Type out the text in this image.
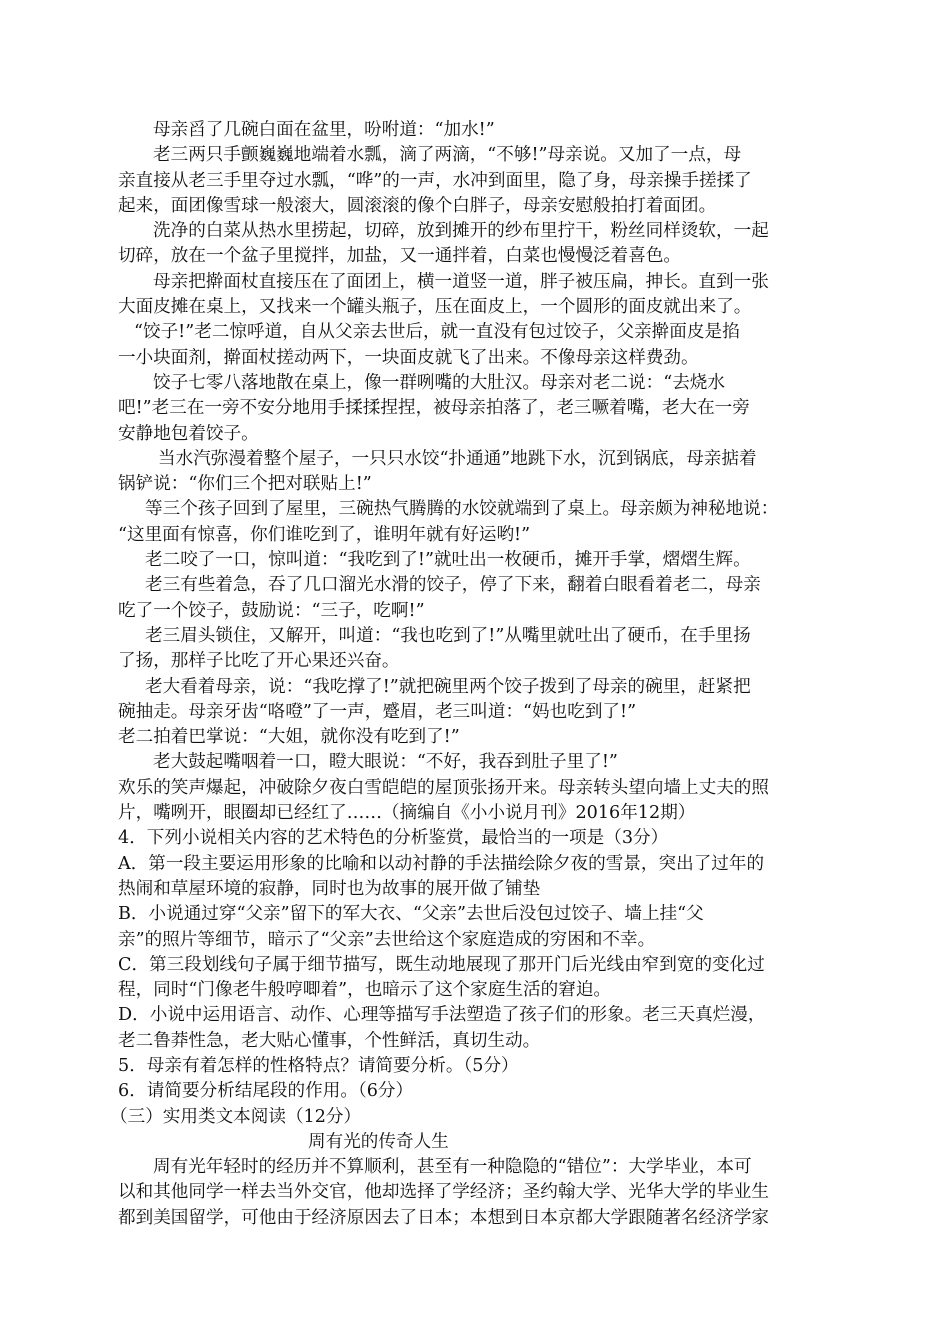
母亲舀了几碗白面在盆里，吩咐道：“加水!”
老三两只手颤巍巍地端着水瓢，滴了两滴，“不够!”母亲说。又加了一点，母
亲直接从老三手里夺过水瓢，“哗”的一声，水冲到面里，隐了身，母亲操手搓揉了
起来，面团像雪球一般滚大，圆滚滚的像个白胖子，母亲安慰般拍打着面团。
洗净的白菜从热水里捞起，切碎，放到摊开的纱布里拧干，粉丝同样烫软，一起
切碎，放在一个盆子里搅拌，加盐，又一通拌着，白菜也慢慢泛着喜色。
母亲把擀面杖直接压在了面团上，横一道竖一道，胖子被压扁，抻长。直到一张
大面皮摊在桌上，又找来一个罐头瓶子，压在面皮上，一个圆形的面皮就出来了。
“饺子!”老二惊呼道，自从父亲去世后，就一直没有包过饺子，父亲擀面皮是掐
一小块面剂，擀面杖搓动两下，一块面皮就飞了出来。不像母亲这样费劲。
饺子七零八落地散在桌上，像一群咧嘴的大肚汉。母亲对老二说：“去烧水
吧!”老三在一旁不安分地用手揉揉捏捏，被母亲拍落了，老三噘着嘴，老大在一旁
安静地包着饺子。
当水汽弥漫着整个屋子，一只只水饺“扑通通”地跳下水，沉到锅底，母亲掂着
锅铲说：“你们三个把对联贴上!”
等三个孩子回到了屋里，三碗热气腾腾的水饺就端到了桌上。母亲颇为神秘地说：
“这里面有惊喜，你们谁吃到了，谁明年就有好运哟!”
老二咬了一口，惊叫道：“我吃到了!”就吐出一枚硬币，摊开手掌，熠熠生辉。
老三有些着急，吞了几口溜光水滑的饺子，停了下来，翻着白眼看着老二，母亲
吃了一个饺子，鼓励说：“三子，吃啊!”
老三眉头锁住，又解开，叫道：“我也吃到了!”从嘴里就吐出了硬币，在手里扬
了扬，那样子比吃了开心果还兴奋。
老大看着母亲，说：“我吃撑了!”就把碗里两个饺子拨到了母亲的碗里，赶紧把
碗抽走。母亲牙齿“咯噔”了一声，蹙眉，老三叫道：“妈也吃到了!”
老二拍着巴掌说：“大姐，就你没有吃到了!”
老大鼓起嘴咽着一口，瞪大眼说：“不好，我吞到肚子里了!”
欢乐的笑声爆起，冲破除夕夜白雪皑皑的屋顶张扬开来。母亲转头望向墙上丈夫的照
片，嘴咧开，眼圈却已经红了……（摘编自《小小说月刊》2016年12期）
4．下列小说相关内容的艺术特色的分析鉴赏，最恰当的一项是（3分）
A．第一段主要运用形象的比喻和以动衬静的手法描绘除夕夜的雪景，突出了过年的
热闹和草屋环境的寂静，同时也为故事的展开做了铺垫
B．小说通过穿“父亲”留下的军大衣、“父亲”去世后没包过饺子、墙上挂“父
亲”的照片等细节，暗示了“父亲”去世给这个家庭造成的穷困和不幸。
C．第三段划线句子属于细节描写，既生动地展现了那开门后光线由窄到宽的变化过
程，同时“门像老牛般哼唧着”，也暗示了这个家庭生活的窘迫。
D．小说中运用语言、动作、心理等描写手法塑造了孩子们的形象。老三天真烂漫，
老二鲁莽性急，老大贴心懂事，个性鲜活，真切生动。
5．母亲有着怎样的性格特点？请简要分析。（5分）
6．请简要分析结尾段的作用。（6分）
（三）实用类文本阅读（12分）
周有光的传奇人生
周有光年轻时的经历并不算顺利，甚至有一种隐隐的“错位”：大学毕业，本可
以和其他同学一样去当外交官，他却选择了学经济；圣约翰大学、光华大学的毕业生
都到美国留学，可他由于经济原因去了日本；本想到日本京都大学跟随著名经济学家
